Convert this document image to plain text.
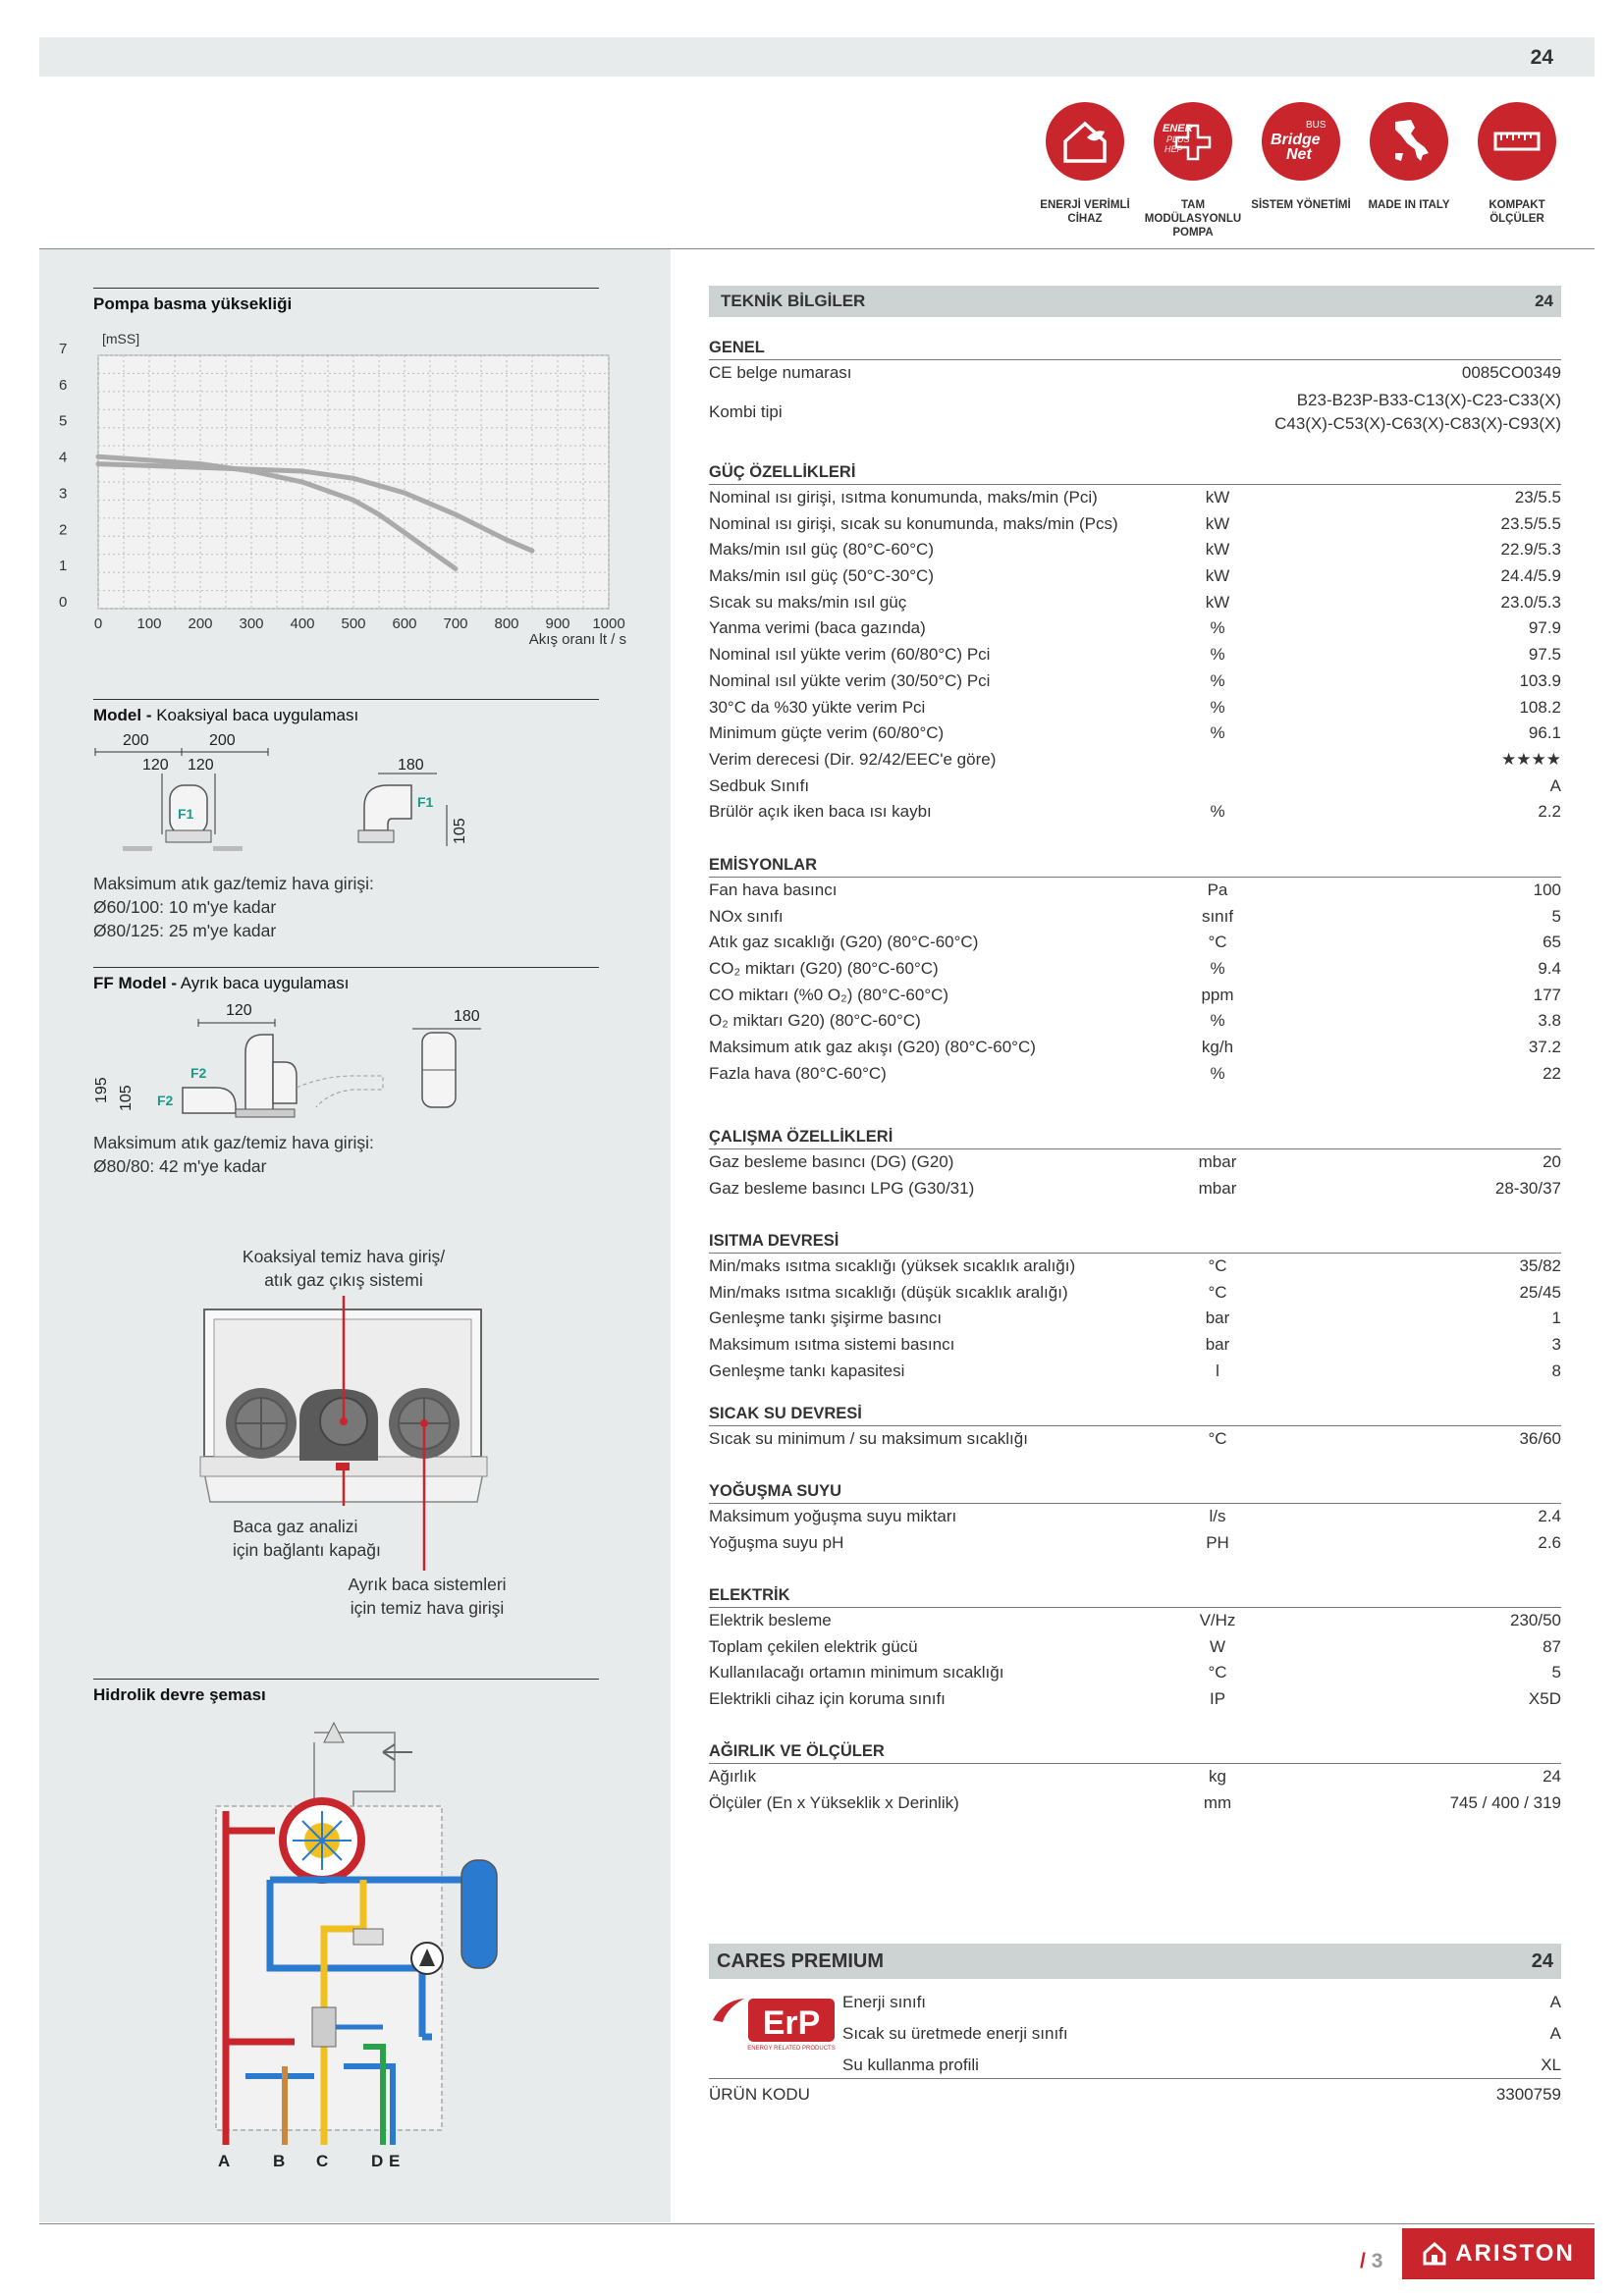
24
ENERJİ VERİMLİ CİHAZ
ENER
PLUS
HEP
TAM MODÜLASYONLU POMPA
BUS
Bridge
Net
SİSTEM YÖNETİMİ	MADE IN ITALY	KOMPAKT ÖLÇÜLER
Pompa basma yüksekliği
0 100 200 300 400 500 600 700 800 900 1000
0
1
2
3
4
5
6
7
[mSS]
Akış oranı lt / s
Model - Koaksiyal baca uygulaması
200	200
120 120	180
105
F1
F1
Maksimum atık gaz/temiz hava girişi:
Ø60/100: 10 m'ye kadar
Ø80/125: 25 m'ye kadar
FF Model - Ayrık baca uygulaması
120	180
195 105
F2
F2
Maksimum atık gaz/temiz hava girişi:
Ø80/80: 42 m'ye kadar
Koaksiyal temiz hava giriş/
atık gaz çıkış sistemi
Baca gaz analizi
için bağlantı kapağı
Ayrık baca sistemleri
için temiz hava girişi
Hidrolik devre şeması
A	B C	D E
TEKNİK BİLGİLER	24
GENEL
CE belge numarası	0085CO0349
Kombi tipi
B23-B23P-B33-C13(X)-C23-C33(X)
C43(X)-C53(X)-C63(X)-C83(X)-C93(X)
GÜÇ ÖZELLİKLERİ
Nominal ısı girişi, ısıtma konumunda, maks/min (Pci)	kW	23/5.5
Nominal ısı girişi, sıcak su konumunda, maks/min (Pcs)	kW	23.5/5.5
Maks/min ısıl güç (80°C-60°C)	kW	22.9/5.3
Maks/min ısıl güç (50°C-30°C)	kW	24.4/5.9
Sıcak su maks/min ısıl güç	kW	23.0/5.3
Yanma verimi (baca gazında)	%	97.9
Nominal ısıl yükte verim (60/80°C) Pci	%	97.5
Nominal ısıl yükte verim (30/50°C) Pci	%	103.9
30°C da %30 yükte verim Pci	%	108.2
Minimum güçte verim (60/80°C)	%	96.1
Verim derecesi (Dir. 92/42/EEC'e göre)	★★★★
Sedbuk Sınıfı	A
Brülör açık iken baca ısı kaybı	%	2.2
EMİSYONLAR
Fan hava basıncı	Pa	100
NOx sınıfı	sınıf	5
Atık gaz sıcaklığı (G20) (80°C-60°C)	°C	65
CO₂ miktarı (G20) (80°C-60°C)	%	9.4
CO miktarı (%0 O₂) (80°C-60°C)	ppm	177
O₂ miktarı G20) (80°C-60°C)	%	3.8
Maksimum atık gaz akışı (G20) (80°C-60°C)	kg/h	37.2
Fazla hava (80°C-60°C)	%	22
ÇALIŞMA ÖZELLİKLERİ
Gaz besleme basıncı (DG) (G20)	mbar	20
Gaz besleme basıncı LPG (G30/31)	mbar	28-30/37
ISITMA DEVRESİ
Min/maks ısıtma sıcaklığı (yüksek sıcaklık aralığı)	°C	35/82
Min/maks ısıtma sıcaklığı (düşük sıcaklık aralığı)	°C	25/45
Genleşme tankı şişirme basıncı	bar	1
Maksimum ısıtma sistemi basıncı	bar	3
Genleşme tankı kapasitesi	l	8
SICAK SU DEVRESİ
Sıcak su minimum / su maksimum sıcaklığı	°C	36/60
YOĞUŞMA SUYU
Maksimum yoğuşma suyu miktarı	l/s	2.4
Yoğuşma suyu pH	PH	2.6
ELEKTRİK
Elektrik besleme	V/Hz	230/50
Toplam çekilen elektrik gücü	W	87
Kullanılacağı ortamın minimum sıcaklığı	°C	5
Elektrikli cihaz için koruma sınıfı	IP	X5D
AĞIRLIK VE ÖLÇÜLER
Ağırlık	kg	24
Ölçüler (En x Yükseklik x Derinlik)	mm	745 / 400 / 319
CARES PREMIUM	24
ErP
ENERGY RELATED PRODUCTS
Enerji sınıfı	A
Sıcak su üretmede enerji sınıfı	A
Su kullanma profili	XL
ÜRÜN KODU	3300759
/ 3	ARISTON
